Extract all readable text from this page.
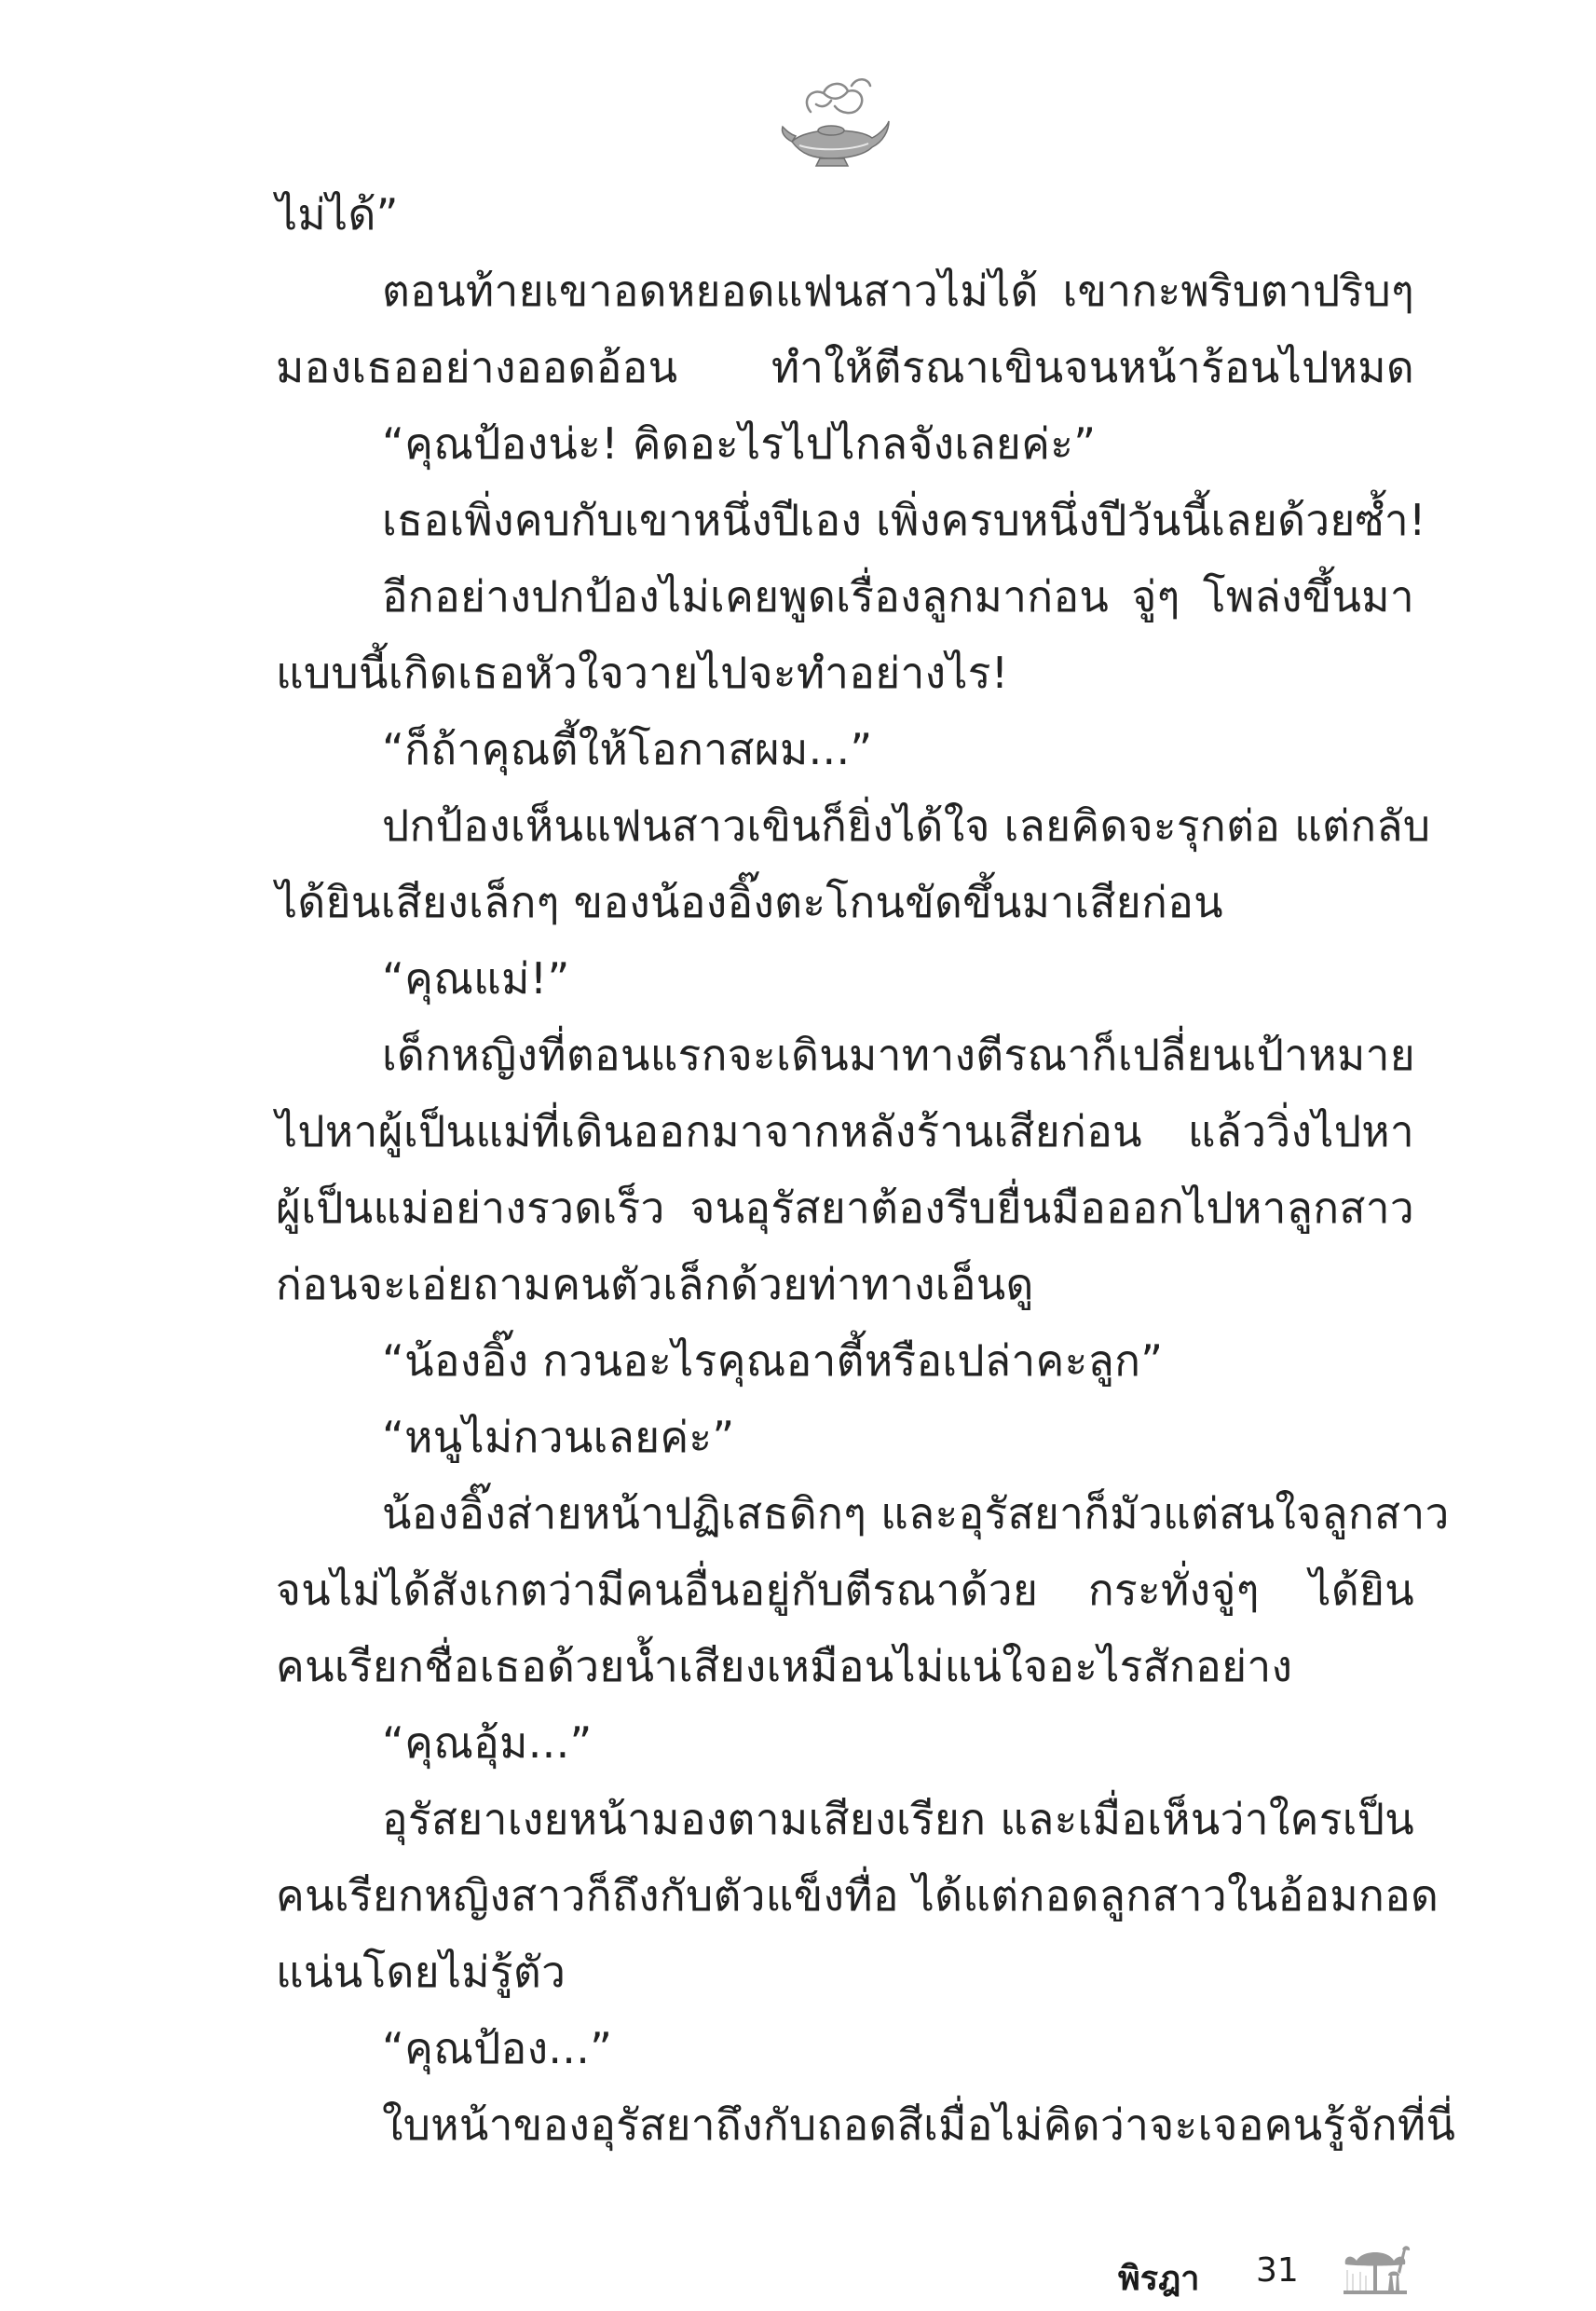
ไม่ได้”
ตอนท้ายเขาอดหยอดแฟนสาวไม่ได้ เขากะพริบตาปริบๆ
มองเธออย่างออดอ้อน ทำให้ตีรณาเขินจนหน้าร้อนไปหมด
“คุณป้องน่ะ! คิดอะไรไปไกลจังเลยค่ะ”
เธอเพิ่งคบกับเขาหนึ่งปีเอง เพิ่งครบหนึ่งปีวันนี้เลยด้วยซ้ำ!
อีกอย่างปกป้องไม่เคยพูดเรื่องลูกมาก่อน จู่ๆ โพล่งขึ้นมา
แบบนี้เกิดเธอหัวใจวายไปจะทำอย่างไร!
“ก็ถ้าคุณตี้ให้โอกาสผม...”
ปกป้องเห็นแฟนสาวเขินก็ยิ่งได้ใจ เลยคิดจะรุกต่อ แต่กลับ
ได้ยินเสียงเล็กๆ ของน้องอิ๊งตะโกนขัดขึ้นมาเสียก่อน
“คุณแม่!”
เด็กหญิงที่ตอนแรกจะเดินมาทางตีรณาก็เปลี่ยนเป้าหมาย
ไปหาผู้เป็นแม่ที่เดินออกมาจากหลังร้านเสียก่อน แล้ววิ่งไปหา
ผู้เป็นแม่อย่างรวดเร็ว จนอุรัสยาต้องรีบยื่นมือออกไปหาลูกสาว
ก่อนจะเอ่ยถามคนตัวเล็กด้วยท่าทางเอ็นดู
“น้องอิ๊ง กวนอะไรคุณอาตี้หรือเปล่าคะลูก”
“หนูไม่กวนเลยค่ะ”
น้องอิ๊งส่ายหน้าปฏิเสธดิกๆ และอุรัสยาก็มัวแต่สนใจลูกสาว
จนไม่ได้สังเกตว่ามีคนอื่นอยู่กับตีรณาด้วย กระทั่งจู่ๆ ได้ยิน
คนเรียกชื่อเธอด้วยน้ำเสียงเหมือนไม่แน่ใจอะไรสักอย่าง
“คุณอุ้ม...”
อุรัสยาเงยหน้ามองตามเสียงเรียก และเมื่อเห็นว่าใครเป็น
คนเรียกหญิงสาวก็ถึงกับตัวแข็งทื่อ ได้แต่กอดลูกสาวในอ้อมกอด
แน่นโดยไม่รู้ตัว
“คุณป้อง...”
ใบหน้าของอุรัสยาถึงกับถอดสีเมื่อไม่คิดว่าจะเจอคนรู้จักที่นี่
พิรฎา 31
